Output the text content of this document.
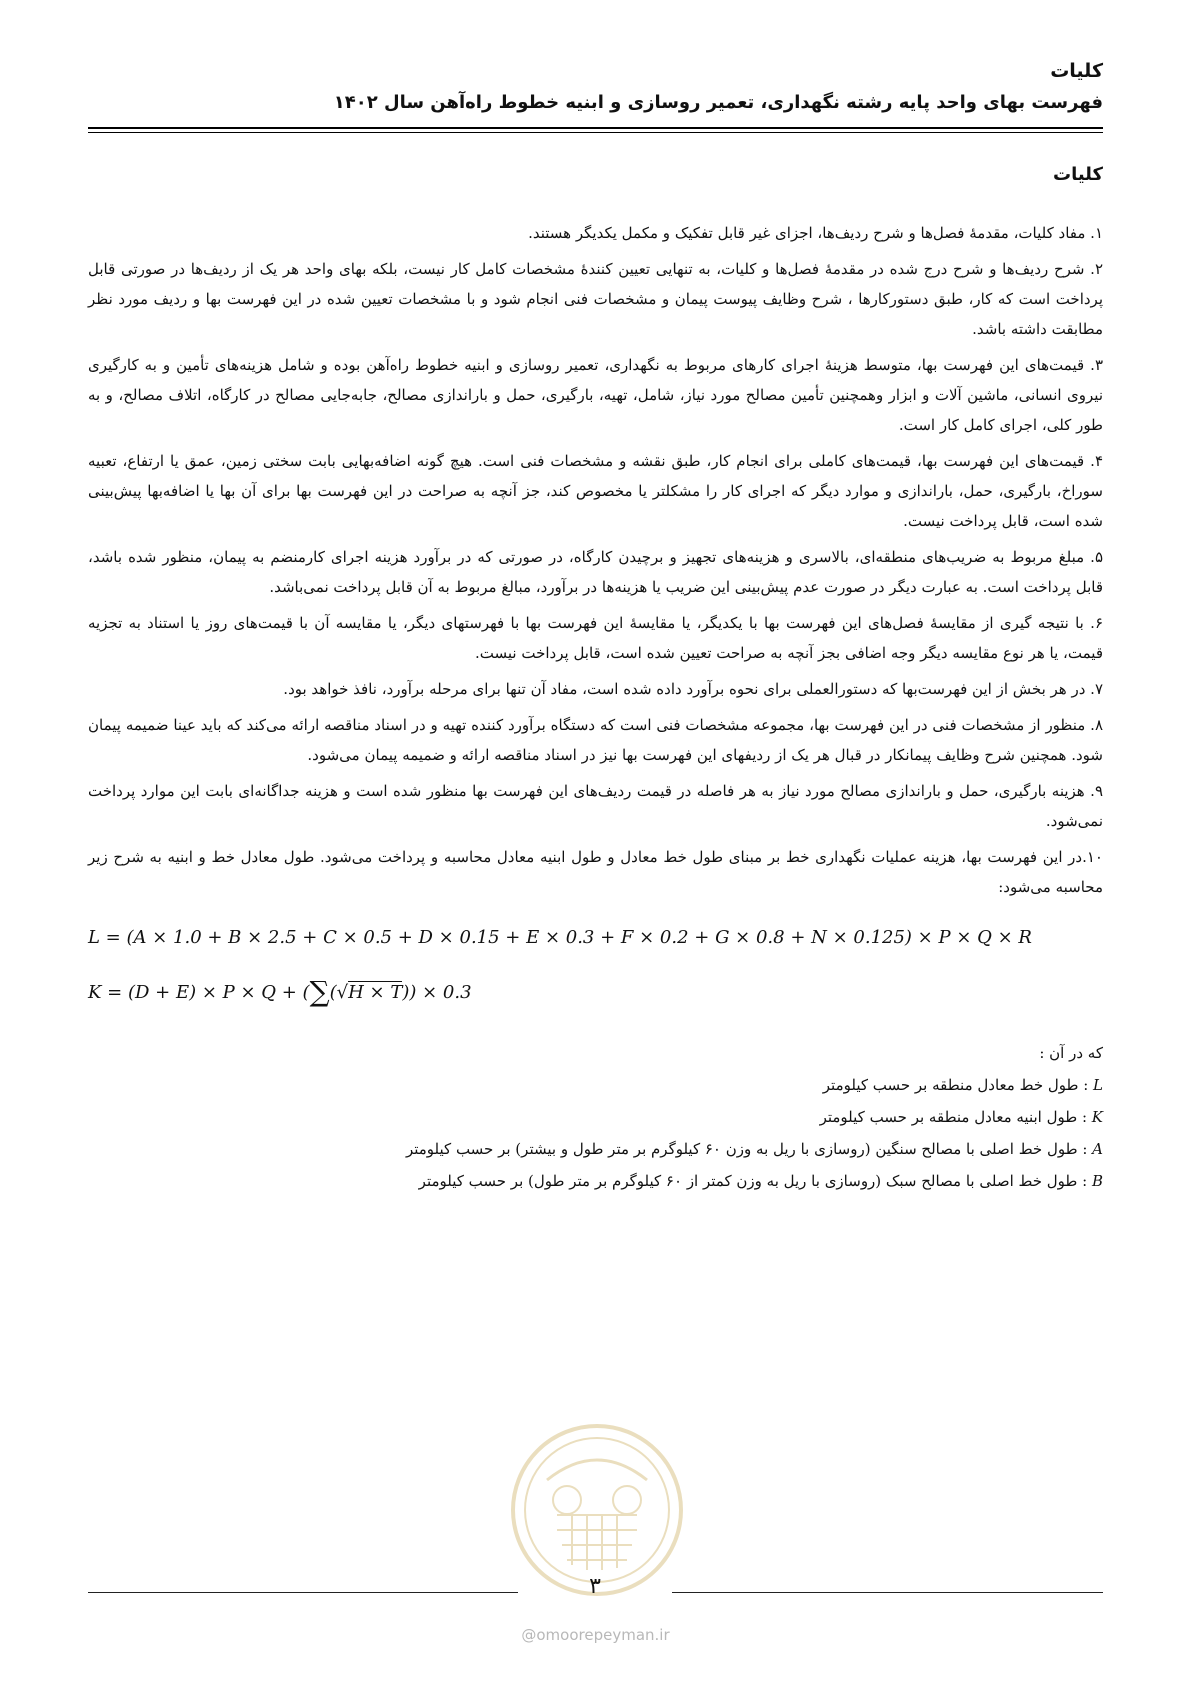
کلیات
فهرست بهای واحد پایه رشته نگهداری، تعمیر روسازی و ابنیه خطوط راه‌آهن سال ۱۴۰۲
کلیات

۱. مفاد کلیات، مقدمهٔ فصل‌ها و شرح ردیف‌ها، اجزای غیر قابل تفکیک و مکمل یکدیگر هستند.

۲. شرح ردیف‌ها و شرح درج شده در مقدمهٔ فصل‌ها و کلیات، به تنهایی تعیین کنندهٔ مشخصات کامل کار نیست، بلکه بهای واحد هر یک از ردیف‌ها در صورتی قابل پرداخت است که کار، طبق دستورکارها ، شرح وظایف پیوست پیمان و مشخصات فنی انجام شود و با مشخصات تعیین شده در این فهرست بها و ردیف مورد نظر مطابقت داشته باشد.

۳. قیمت‌های این فهرست بها، متوسط هزینهٔ اجرای کارهای مربوط به نگهداری، تعمیر روسازی و ابنیه خطوط راه‌آهن بوده و شامل هزینه‌های تأمین و به کارگیری نیروی انسانی، ماشین آلات و ابزار وهمچنین تأمین مصالح مورد نیاز، شامل، تهیه، بارگیری، حمل و باراندازی مصالح، جابه‌جایی مصالح در کارگاه، اتلاف مصالح، و به طور کلی، اجرای کامل کار است.

۴. قیمت‌های این فهرست بها، قیمت‌های کاملی برای انجام کار، طبق نقشه و مشخصات فنی است. هیچ گونه اضافه‌بهایی بابت سختی زمین، عمق یا ارتفاع، تعبیه سوراخ، بارگیری، حمل، باراندازی و موارد دیگر که اجرای کار را مشکلتر یا مخصوص کند، جز آنچه به صراحت در این فهرست بها برای آن بها یا اضافه‌بها پیش‌بینی شده است، قابل پرداخت نیست.

۵. مبلغ مربوط به ضریب‌های منطقه‌ای، بالاسری و هزینه‌های تجهیز و برچیدن کارگاه، در صورتی که در برآورد هزینه اجرای کارمنضم به پیمان، منظور شده باشد، قابل پرداخت است. به عبارت دیگر در صورت عدم پیش‌بینی این ضریب یا هزینه‌ها در برآورد، مبالغ مربوط به آن قابل پرداخت نمی‌باشد.

۶. با نتیجه گیری از مقایسهٔ فصل‌های این فهرست بها با یکدیگر، یا مقایسهٔ این فهرست بها با فهرستهای دیگر، یا مقایسه آن با قیمت‌های روز یا استناد به تجزیه قیمت، یا هر نوع مقایسه دیگر وجه اضافی بجز آنچه به صراحت تعیین شده است، قابل پرداخت نیست.

۷. در هر بخش از این فهرست‌بها که دستورالعملی برای نحوه برآورد داده شده است، مفاد آن تنها برای مرحله برآورد، نافذ خواهد بود.

۸. منظور از مشخصات فنی در این فهرست بها، مجموعه مشخصات فنی است که دستگاه برآورد کننده تهیه و در اسناد مناقصه ارائه می‌کند که باید عینا ضمیمه پیمان شود. همچنین شرح وظایف پیمانکار در قبال هر یک از ردیفهای این فهرست بها نیز در اسناد مناقصه ارائه و ضمیمه پیمان می‌شود.

۹. هزینه بارگیری، حمل و باراندازی مصالح مورد نیاز به هر فاصله در قیمت ردیف‌های این فهرست بها منظور شده است و هزینه جداگانه‌ای بابت این موارد پرداخت نمی‌شود.

۱۰.در این فهرست بها، هزینه عملیات نگهداری خط بر مبنای طول خط معادل و طول ابنیه معادل محاسبه و پرداخت می‌شود. طول معادل خط و ابنیه به شرح زیر محاسبه می‌شود:

L = (A × 1.0 + B × 2.5 + C × 0.5 + D × 0.15 + E × 0.3 + F × 0.2 + G × 0.8 + N × 0.125) × P × Q × R
K = (D + E) × P × Q + (∑(√H × T)) × 0.3
که در آن :
L : طول خط معادل منطقه بر حسب کیلومتر
K : طول ابنیه معادل منطقه بر حسب کیلومتر
A : طول خط اصلی با مصالح سنگین (روسازی با ریل به وزن ۶۰ کیلوگرم بر متر طول و بیشتر) بر حسب کیلومتر
B : طول خط اصلی با مصالح سبک (روسازی با ریل به وزن کمتر از ۶۰ کیلوگرم بر متر طول) بر حسب کیلومتر
۳
@omoorepeyman.ir
